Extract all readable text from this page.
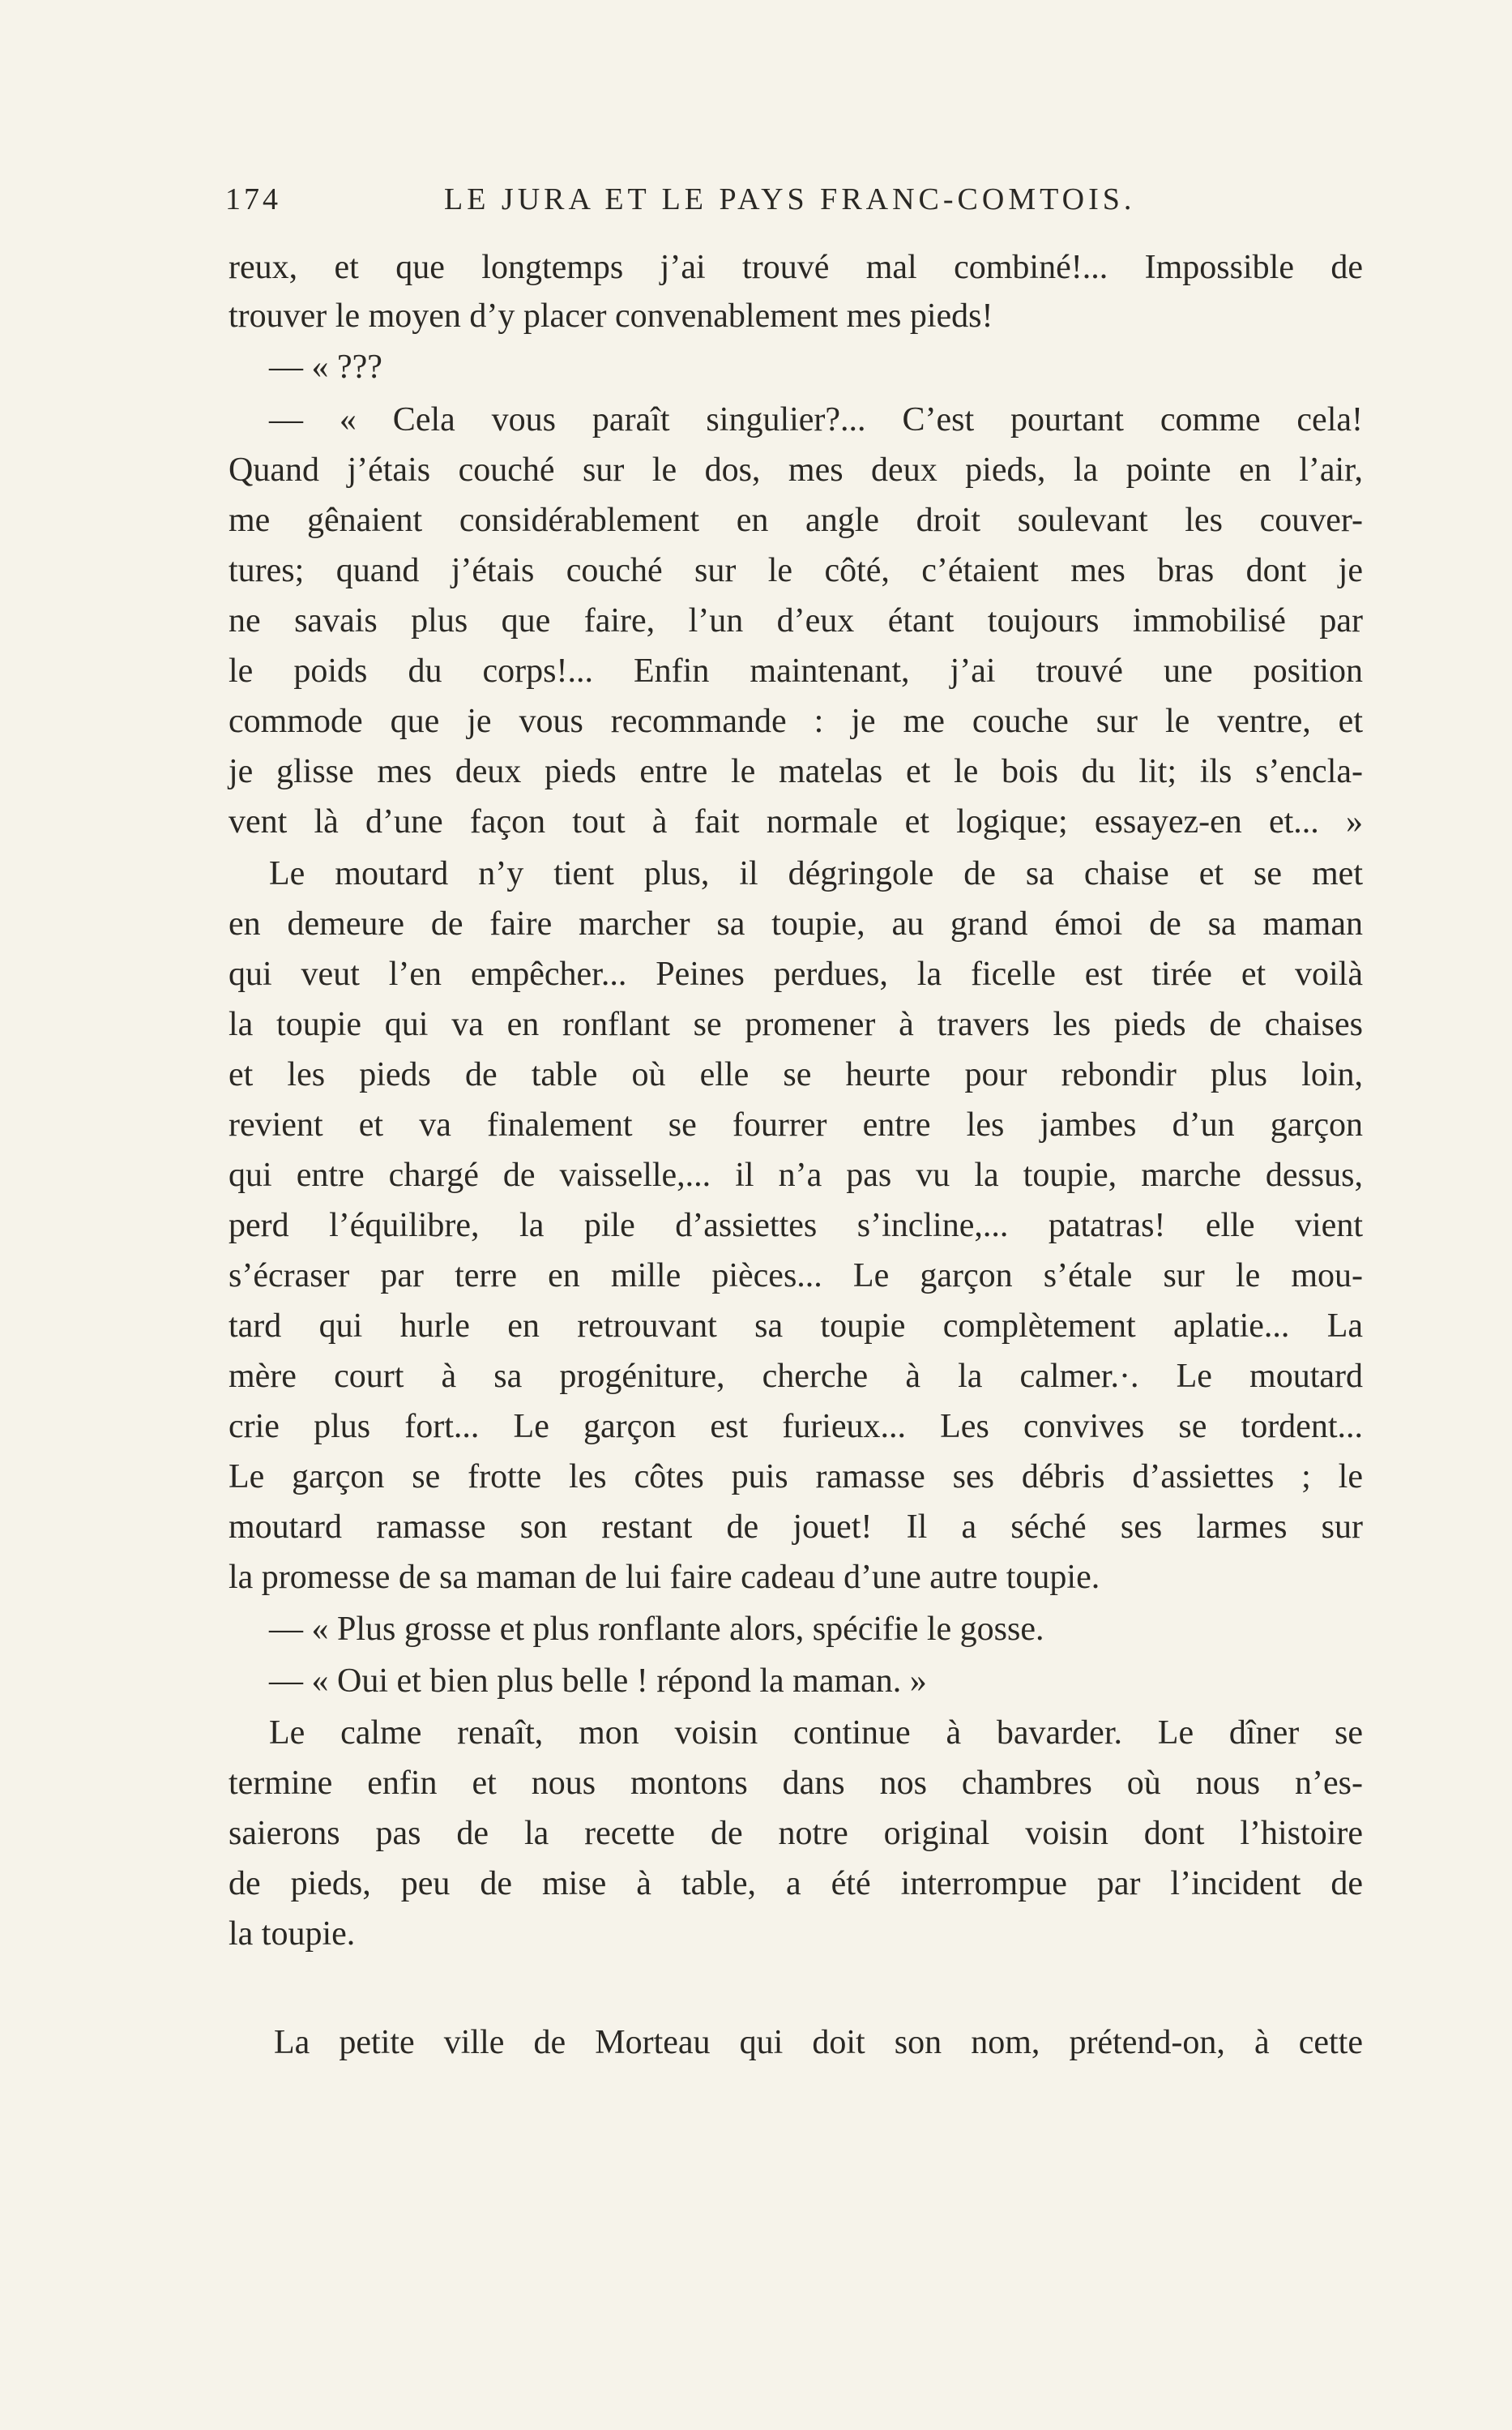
174	LE JURA ET LE PAYS FRANC-COMTOIS.
reux, et que longtemps j’ai trouvé mal combiné!... Impossible de
trouver le moyen d’y placer convenablement mes pieds!
— « ???
— « Cela vous paraît singulier?... C’est pourtant comme cela!
Quand j’étais couché sur le dos, mes deux pieds, la pointe en l’air,
me gênaient considérablement en angle droit soulevant les couver-
tures; quand j’étais couché sur le côté, c’étaient mes bras dont je
ne savais plus que faire, l’un d’eux étant toujours immobilisé par
le poids du corps!... Enfin maintenant, j’ai trouvé une position
commode que je vous recommande : je me couche sur le ventre, et
je glisse mes deux pieds entre le matelas et le bois du lit; ils s’encla-
vent là d’une façon tout à fait normale et logique; essayez-en et... »
Le moutard n’y tient plus, il dégringole de sa chaise et se met
en demeure de faire marcher sa toupie, au grand émoi de sa maman
qui veut l’en empêcher... Peines perdues, la ficelle est tirée et voilà
la toupie qui va en ronflant se promener à travers les pieds de chaises
et les pieds de table où elle se heurte pour rebondir plus loin,
revient et va finalement se fourrer entre les jambes d’un garçon
qui entre chargé de vaisselle,... il n’a pas vu la toupie, marche dessus,
perd l’équilibre, la pile d’assiettes s’incline,... patatras! elle vient
s’écraser par terre en mille pièces... Le garçon s’étale sur le mou-
tard qui hurle en retrouvant sa toupie complètement aplatie... La
mère court à sa progéniture, cherche à la calmer.·. Le moutard
crie plus fort... Le garçon est furieux... Les convives se tordent...
Le garçon se frotte les côtes puis ramasse ses débris d’assiettes ; le
moutard ramasse son restant de jouet! Il a séché ses larmes sur
la promesse de sa maman de lui faire cadeau d’une autre toupie.
— « Plus grosse et plus ronflante alors, spécifie le gosse.
— « Oui et bien plus belle ! répond la maman. »
Le calme renaît, mon voisin continue à bavarder. Le dîner se
termine enfin et nous montons dans nos chambres où nous n’es-
saierons pas de la recette de notre original voisin dont l’histoire
de pieds, peu de mise à table, a été interrompue par l’incident de
la toupie.
La petite ville de Morteau qui doit son nom, prétend-on, à cette
